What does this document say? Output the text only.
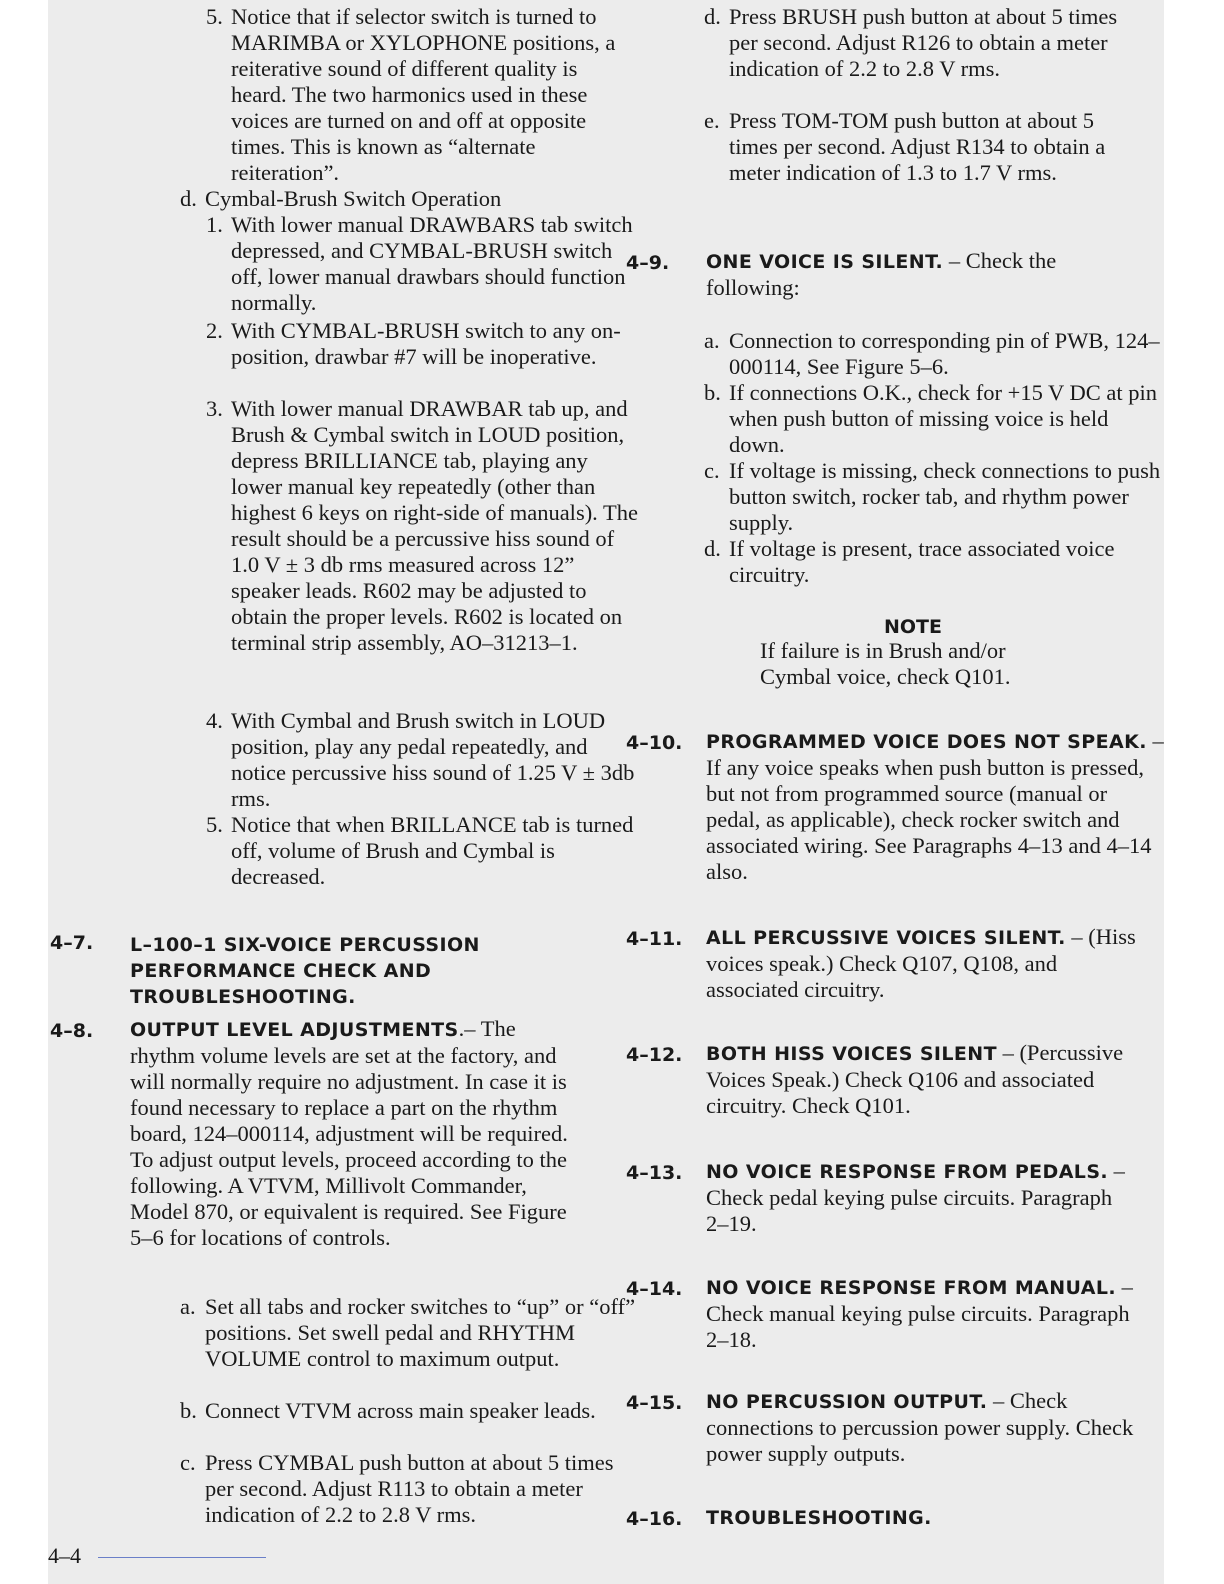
5. Notice that if selector switch is turned to MARIMBA or XYLOPHONE positions, a reiterative sound of different quality is heard. The two harmonics used in these voices are turned on and off at opposite times. This is known as “alternate reiteration”.
d. Cymbal-Brush Switch Operation
1. With lower manual DRAWBARS tab switch depressed, and CYMBAL-BRUSH switch off, lower manual drawbars should function normally.
2. With CYMBAL-BRUSH switch to any on-position, drawbar #7 will be inoperative.
3. With lower manual DRAWBAR tab up, and Brush & Cymbal switch in LOUD position, depress BRILLIANCE tab, playing any lower manual key repeatedly (other than highest 6 keys on right-side of manuals). The result should be a percussive hiss sound of 1.0 V ± 3 db rms measured across 12” speaker leads. R602 may be adjusted to obtain the proper levels. R602 is located on terminal strip assembly, AO–31213–1.
4. With Cymbal and Brush switch in LOUD position, play any pedal repeatedly, and notice percussive hiss sound of 1.25 V ± 3db rms.
5. Notice that when BRILLANCE tab is turned off, volume of Brush and Cymbal is decreased.
4–7. L–100–1 SIX-VOICE PERCUSSION PERFORMANCE CHECK AND TROUBLESHOOTING.
4–8. OUTPUT LEVEL ADJUSTMENTS.– The rhythm volume levels are set at the factory, and will normally require no adjustment. In case it is found necessary to replace a part on the rhythm board, 124–000114, adjustment will be required. To adjust output levels, proceed according to the following. A VTVM, Millivolt Commander, Model 870, or equivalent is required. See Figure 5–6 for locations of controls.
a. Set all tabs and rocker switches to “up” or “off” positions. Set swell pedal and RHYTHM VOLUME control to maximum output.
b. Connect VTVM across main speaker leads.
c. Press CYMBAL push button at about 5 times per second. Adjust R113 to obtain a meter indication of 2.2 to 2.8 V rms.
d. Press BRUSH push button at about 5 times per second. Adjust R126 to obtain a meter indication of 2.2 to 2.8 V rms.
e. Press TOM-TOM push button at about 5 times per second. Adjust R134 to obtain a meter indication of 1.3 to 1.7 V rms.
4–9. ONE VOICE IS SILENT. – Check the following:
a. Connection to corresponding pin of PWB, 124–000114, See Figure 5–6.
b. If connections O.K., check for +15 V DC at pin when push button of missing voice is held down.
c. If voltage is missing, check connections to push button switch, rocker tab, and rhythm power supply.
d. If voltage is present, trace associated voice circuitry.
NOTE
If failure is in Brush and/or Cymbal voice, check Q101.
4–10. PROGRAMMED VOICE DOES NOT SPEAK. – If any voice speaks when push button is pressed, but not from programmed source (manual or pedal, as applicable), check rocker switch and associated wiring. See Paragraphs 4–13 and 4–14 also.
4–11. ALL PERCUSSIVE VOICES SILENT. – (Hiss voices speak.) Check Q107, Q108, and associated circuitry.
4–12. BOTH HISS VOICES SILENT – (Percussive Voices Speak.) Check Q106 and associated circuitry. Check Q101.
4–13. NO VOICE RESPONSE FROM PEDALS. – Check pedal keying pulse circuits. Paragraph 2–19.
4–14. NO VOICE RESPONSE FROM MANUAL. – Check manual keying pulse circuits. Paragraph 2–18.
4–15. NO PERCUSSION OUTPUT. – Check connections to percussion power supply. Check power supply outputs.
4–16. TROUBLESHOOTING.
4–4
